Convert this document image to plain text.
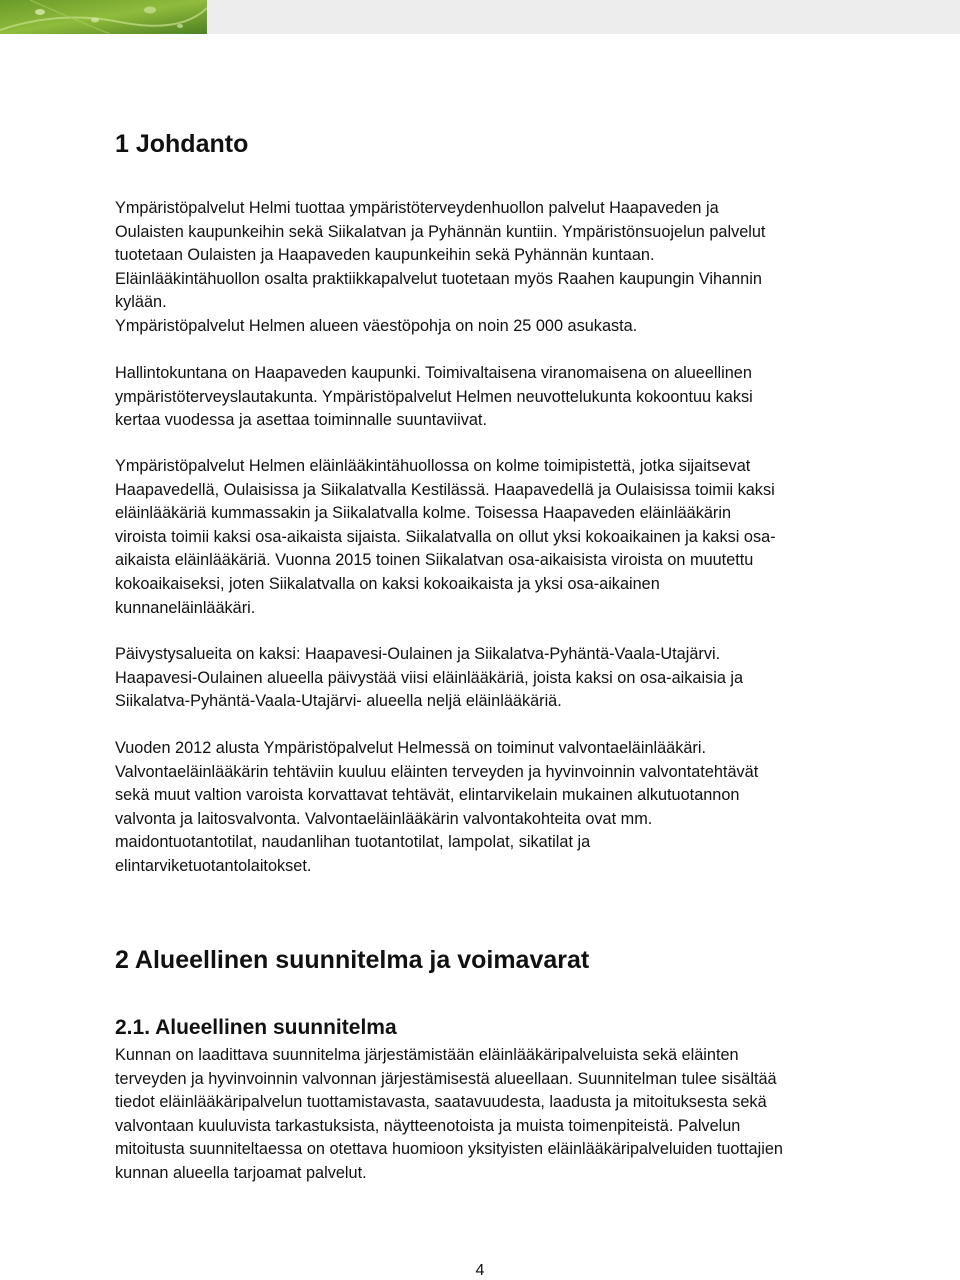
1 Johdanto
Ympäristöpalvelut Helmi tuottaa ympäristöterveydenhuollon palvelut Haapaveden ja
Oulaisten kaupunkeihin sekä Siikalatvan ja Pyhännän kuntiin. Ympäristönsuojelun palvelut
tuotetaan Oulaisten ja Haapaveden kaupunkeihin sekä Pyhännän kuntaan.
Eläinlääkintähuollon osalta praktiikkapalvelut tuotetaan myös Raahen kaupungin Vihannin
kylään.
Ympäristöpalvelut Helmen alueen väestöpohja on noin 25 000 asukasta.
Hallintokuntana on Haapaveden kaupunki. Toimivaltaisena viranomaisena on alueellinen
ympäristöterveyslautakunta. Ympäristöpalvelut Helmen neuvottelukunta kokoontuu kaksi
kertaa vuodessa ja asettaa toiminnalle suuntaviivat.
Ympäristöpalvelut Helmen eläinlääkintähuollossa on kolme toimipistettä, jotka sijaitsevat
Haapavedellä, Oulaisissa ja Siikalatvalla Kestilässä. Haapavedellä ja Oulaisissa toimii kaksi
eläinlääkäriä kummassakin ja Siikalatvalla kolme. Toisessa Haapaveden eläinlääkärin
viroista toimii kaksi osa-aikaista sijaista. Siikalatvalla on ollut yksi kokoaikainen ja kaksi osa-
aikaista eläinlääkäriä. Vuonna 2015 toinen Siikalatvan osa-aikaisista viroista on muutettu
kokoaikaiseksi, joten Siikalatvalla on kaksi kokoaikaista ja yksi osa-aikainen
kunnaneläinlääkäri.
Päivystysalueita on kaksi: Haapavesi-Oulainen ja Siikalatva-Pyhäntä-Vaala-Utajärvi.
Haapavesi-Oulainen alueella päivystää viisi eläinlääkäriä, joista kaksi on osa-aikaisia ja
Siikalatva-Pyhäntä-Vaala-Utajärvi- alueella neljä eläinlääkäriä.
Vuoden 2012 alusta Ympäristöpalvelut Helmessä on toiminut valvontaeläinlääkäri.
Valvontaeläinlääkärin tehtäviin kuuluu eläinten terveyden ja hyvinvoinnin valvontatehtävät
sekä muut valtion varoista korvattavat tehtävät, elintarvikelain mukainen alkutuotannon
valvonta ja laitosvalvonta. Valvontaeläinlääkärin valvontakohteita ovat mm.
maidontuotantotilat, naudanlihan tuotantotilat, lampolat, sikatilat ja
elintarviketuotantolaitokset.
2 Alueellinen suunnitelma ja voimavarat
2.1. Alueellinen suunnitelma
Kunnan on laadittava suunnitelma järjestämistään eläinlääkäripalveluista sekä eläinten
terveyden ja hyvinvoinnin valvonnan järjestämisestä alueellaan. Suunnitelman tulee sisältää
tiedot eläinlääkäripalvelun tuottamistavasta, saatavuudesta, laadusta ja mitoituksesta sekä
valvontaan kuuluvista tarkastuksista, näytteenotoista ja muista toimenpiteistä. Palvelun
mitoitusta suunniteltaessa on otettava huomioon yksityisten eläinlääkäripalveluiden tuottajien
kunnan alueella tarjoamat palvelut.
4
